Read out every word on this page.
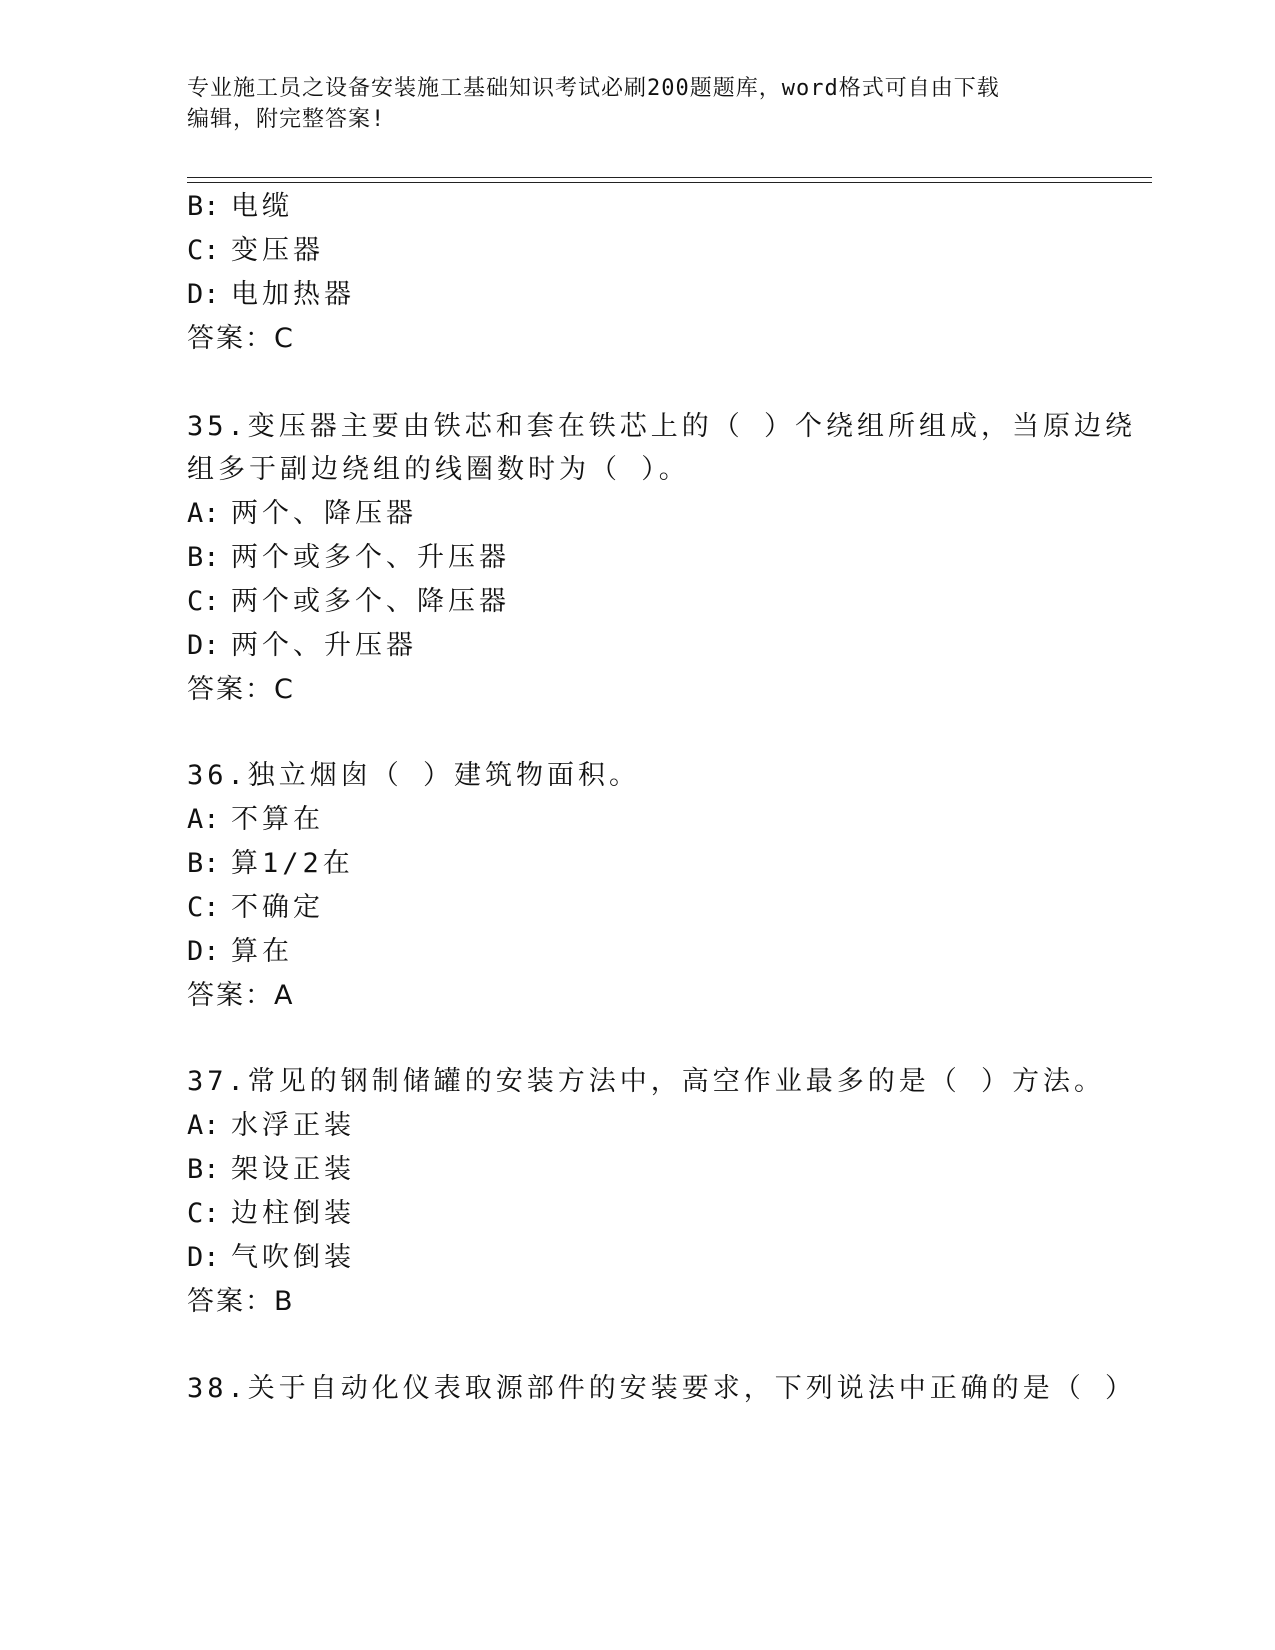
专业施工员之设备安装施工基础知识考试必刷200题题库，word格式可自由下载
编辑，附完整答案!
B: 电缆
C: 变压器
D: 电加热器
答案：C
35.变压器主要由铁芯和套在铁芯上的（ ）个绕组所组成，当原边绕
组多于副边绕组的线圈数时为（ ）。
A: 两个、降压器
B: 两个或多个、升压器
C: 两个或多个、降压器
D: 两个、升压器
答案：C
36.独立烟囱（ ）建筑物面积。
A: 不算在
B: 算1/2在
C: 不确定
D: 算在
答案：A
37.常见的钢制储罐的安装方法中，高空作业最多的是（ ）方法。
A: 水浮正装
B: 架设正装
C: 边柱倒装
D: 气吹倒装
答案：B
38.关于自动化仪表取源部件的安装要求，下列说法中正确的是（ ）
